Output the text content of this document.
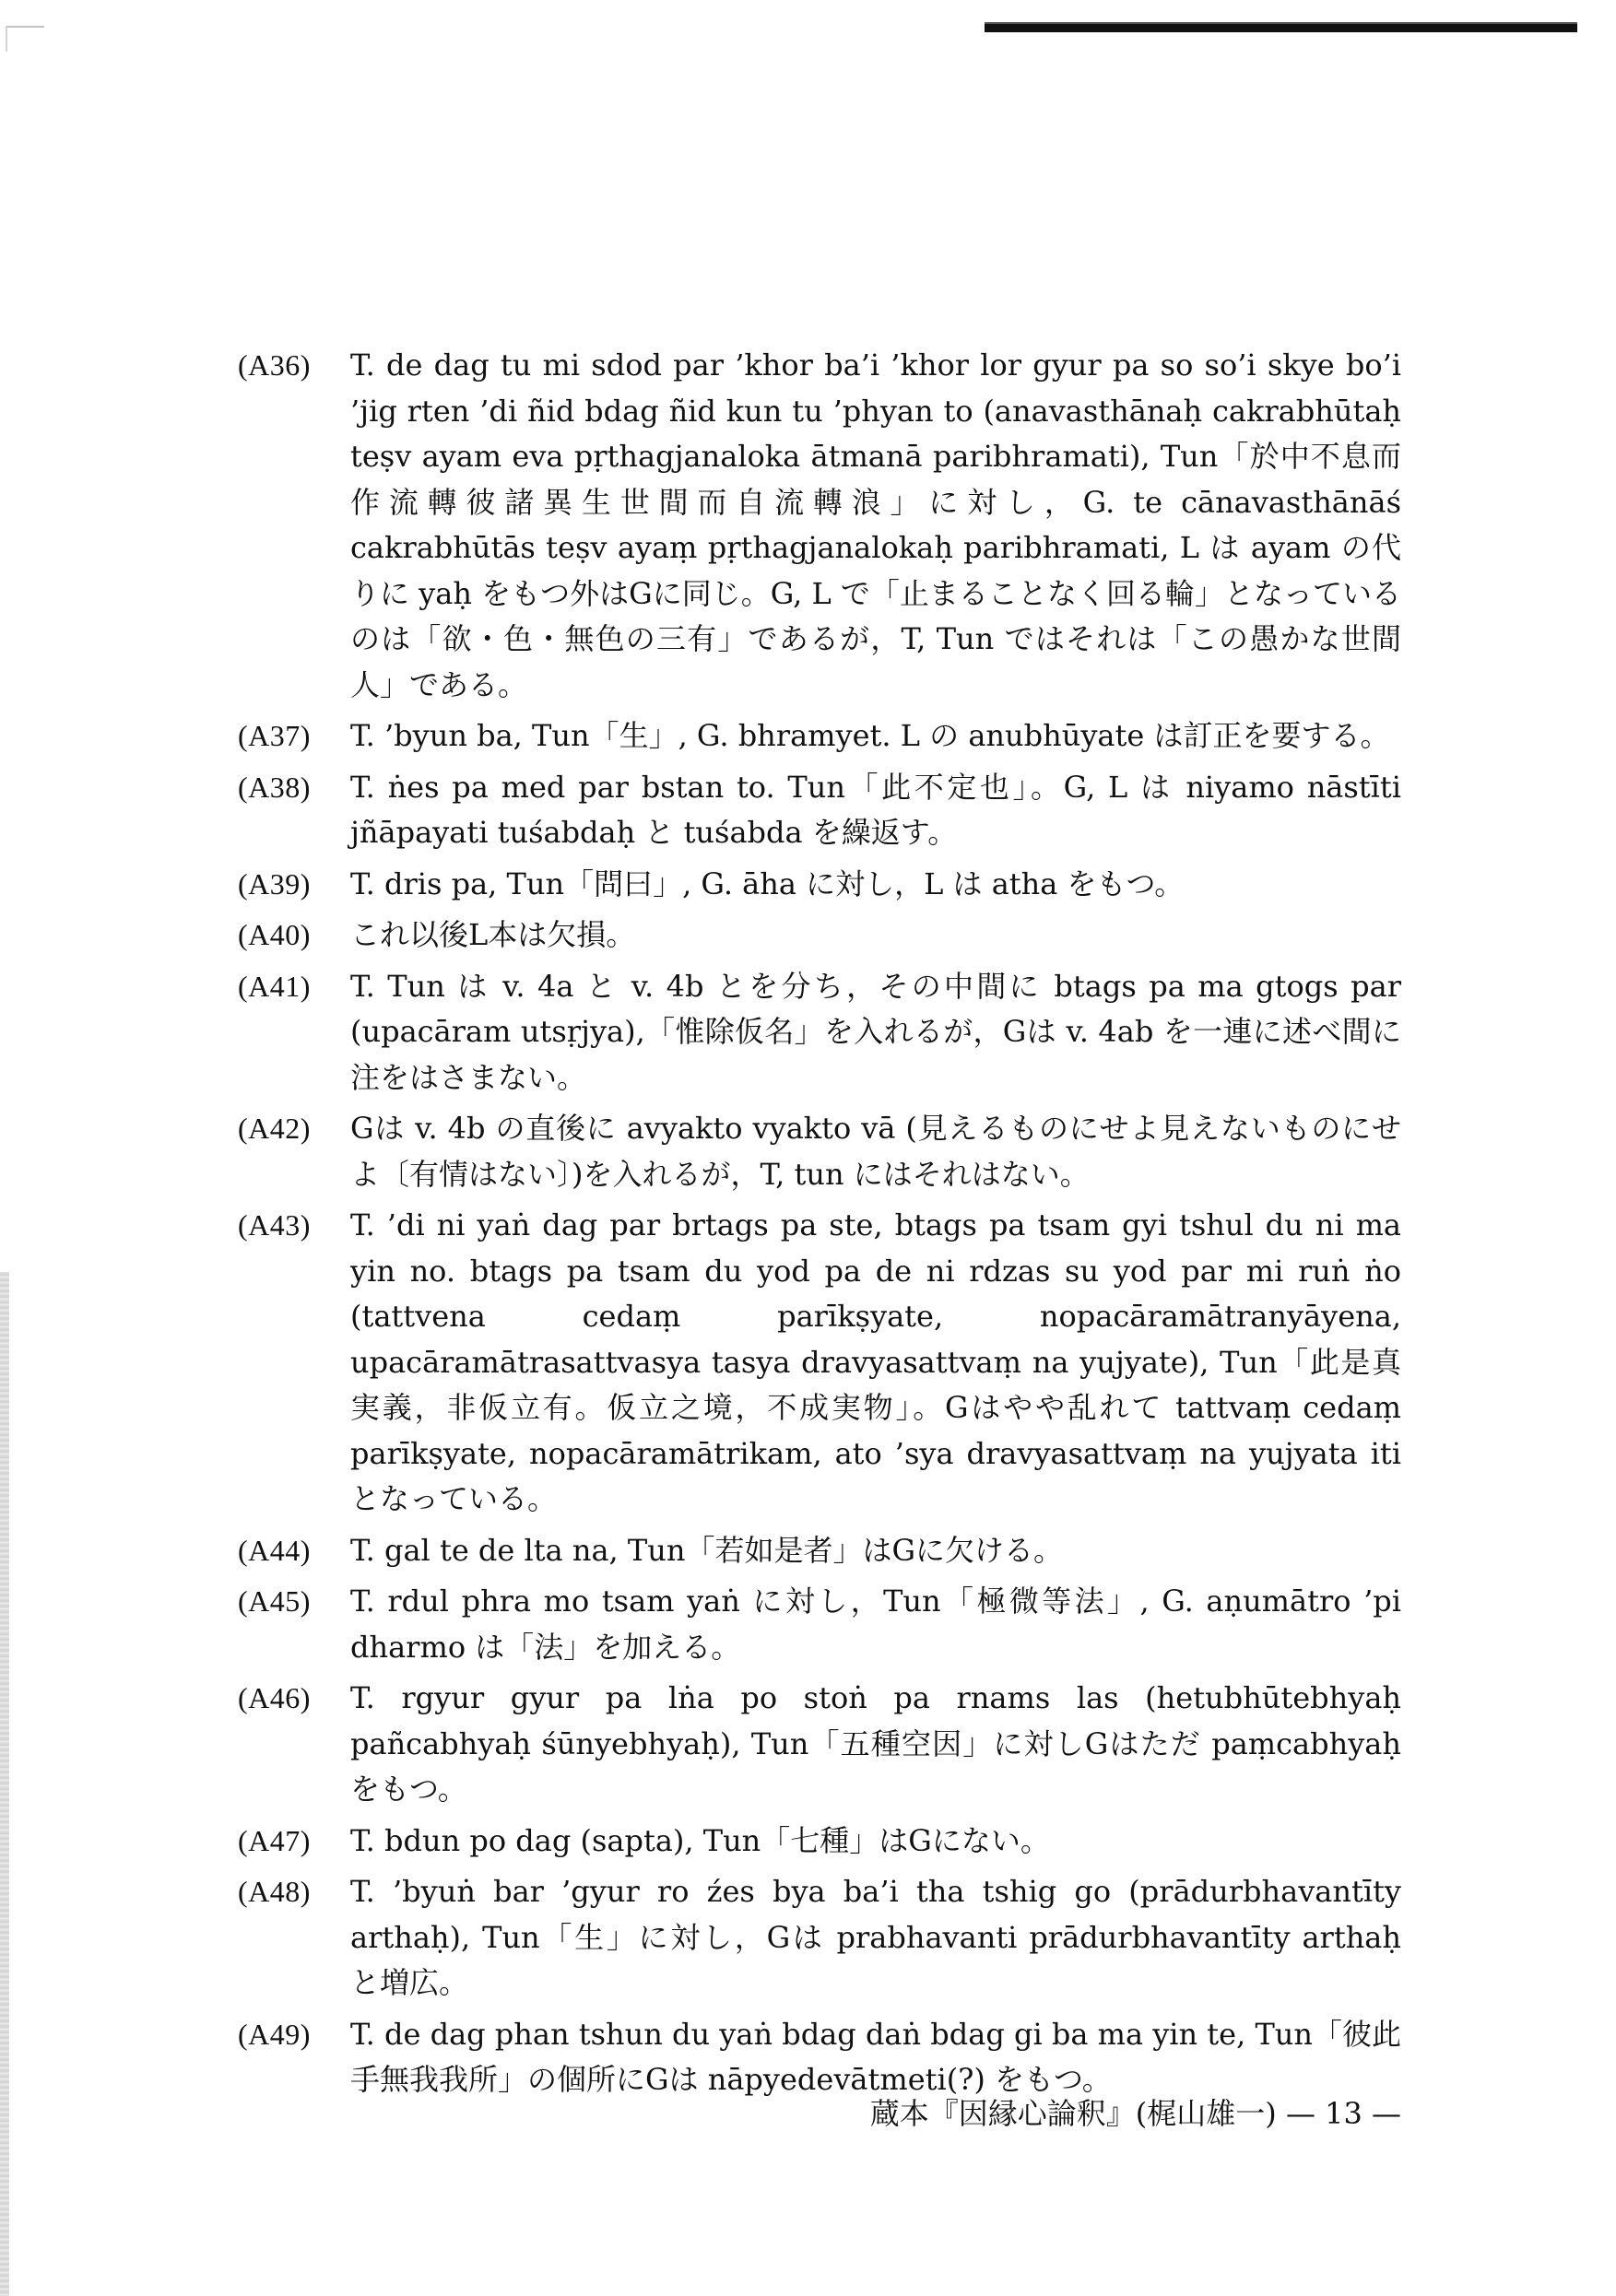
(A36) T. de dag tu mi sdod par ’khor ba’i ’khor lor gyur pa so so’i skye bo’i ’jig rten ’di ñid bdag ñid kun tu ’phyan to (anavasthānaḥ cakrabhūtaḥ teṣv ayam eva pṛthagjanaloka ātmanā paribhramati), Tun「於中不息而作流轉彼諸異生世間而自流轉浪」に対し，G. te cānavasthānāś cakrabhūtās teṣv ayaṃ pṛthagjanalokaḥ paribhramati, L は ayam の代りに yaḥ をもつ外はGに同じ。G, L で「止まることなく回る輪」となっているのは「欲・色・無色の三有」であるが，T, Tun ではそれは「この愚かな世間人」である。
(A37) T. ’byun ba, Tun「生」, G. bhramyet. L の anubhūyate は訂正を要する。
(A38) T. ṅes pa med par bstan to. Tun「此不定也」。G, L は niyamo nāstīti jñāpayati tuśabdaḥ と tuśabda を繰返す。
(A39) T. dris pa, Tun「問曰」, G. āha に対し，L は atha をもつ。
(A40) これ以後L本は欠損。
(A41) T. Tun は v. 4a と v. 4b とを分ち，その中間に btags pa ma gtogs par (upacāram utsṛjya),「惟除仮名」を入れるが，Gは v. 4ab を一連に述べ間に注をはさまない。
(A42) Gは v. 4b の直後に avyakto vyakto vā (見えるものにせよ見えないものにせよ〔有情はない〕)を入れるが，T, tun にはそれはない。
(A43) T. ’di ni yaṅ dag par brtags pa ste, btags pa tsam gyi tshul du ni ma yin no. btags pa tsam du yod pa de ni rdzas su yod par mi ruṅ ṅo (tattvena cedaṃ parīkṣyate, nopacāramātranyāyena, upacāramātrasattvasya tasya dravyasattvaṃ na yujyate), Tun「此是真実義，非仮立有。仮立之境，不成実物」。Gはやや乱れて tattvaṃ cedaṃ parīkṣyate, nopacāramātrikam, ato ’sya dravyasattvaṃ na yujyata iti となっている。
(A44) T. gal te de lta na, Tun「若如是者」はGに欠ける。
(A45) T. rdul phra mo tsam yaṅ に対し，Tun「極微等法」, G. aṇumātro ’pi dharmo は「法」を加える。
(A46) T. rgyur gyur pa lṅa po stoṅ pa rnams las (hetubhūtebhyaḥ pañcabhyaḥ śūnyebhyaḥ), Tun「五種空因」に対しGはただ paṃcabhyaḥ をもつ。
(A47) T. bdun po dag (sapta), Tun「七種」はGにない。
(A48) T. ’byuṅ bar ’gyur ro źes bya ba’i tha tshig go (prādurbhavantīty arthaḥ), Tun「生」に対し，Gは prabhavanti prādurbhavantīty arthaḥ と増広。
(A49) T. de dag phan tshun du yaṅ bdag daṅ bdag gi ba ma yin te, Tun「彼此手無我我所」の個所にGは nāpyedevātmeti(?) をもつ。
蔵本『因縁心論釈』(梶山雄一) — 13 —
